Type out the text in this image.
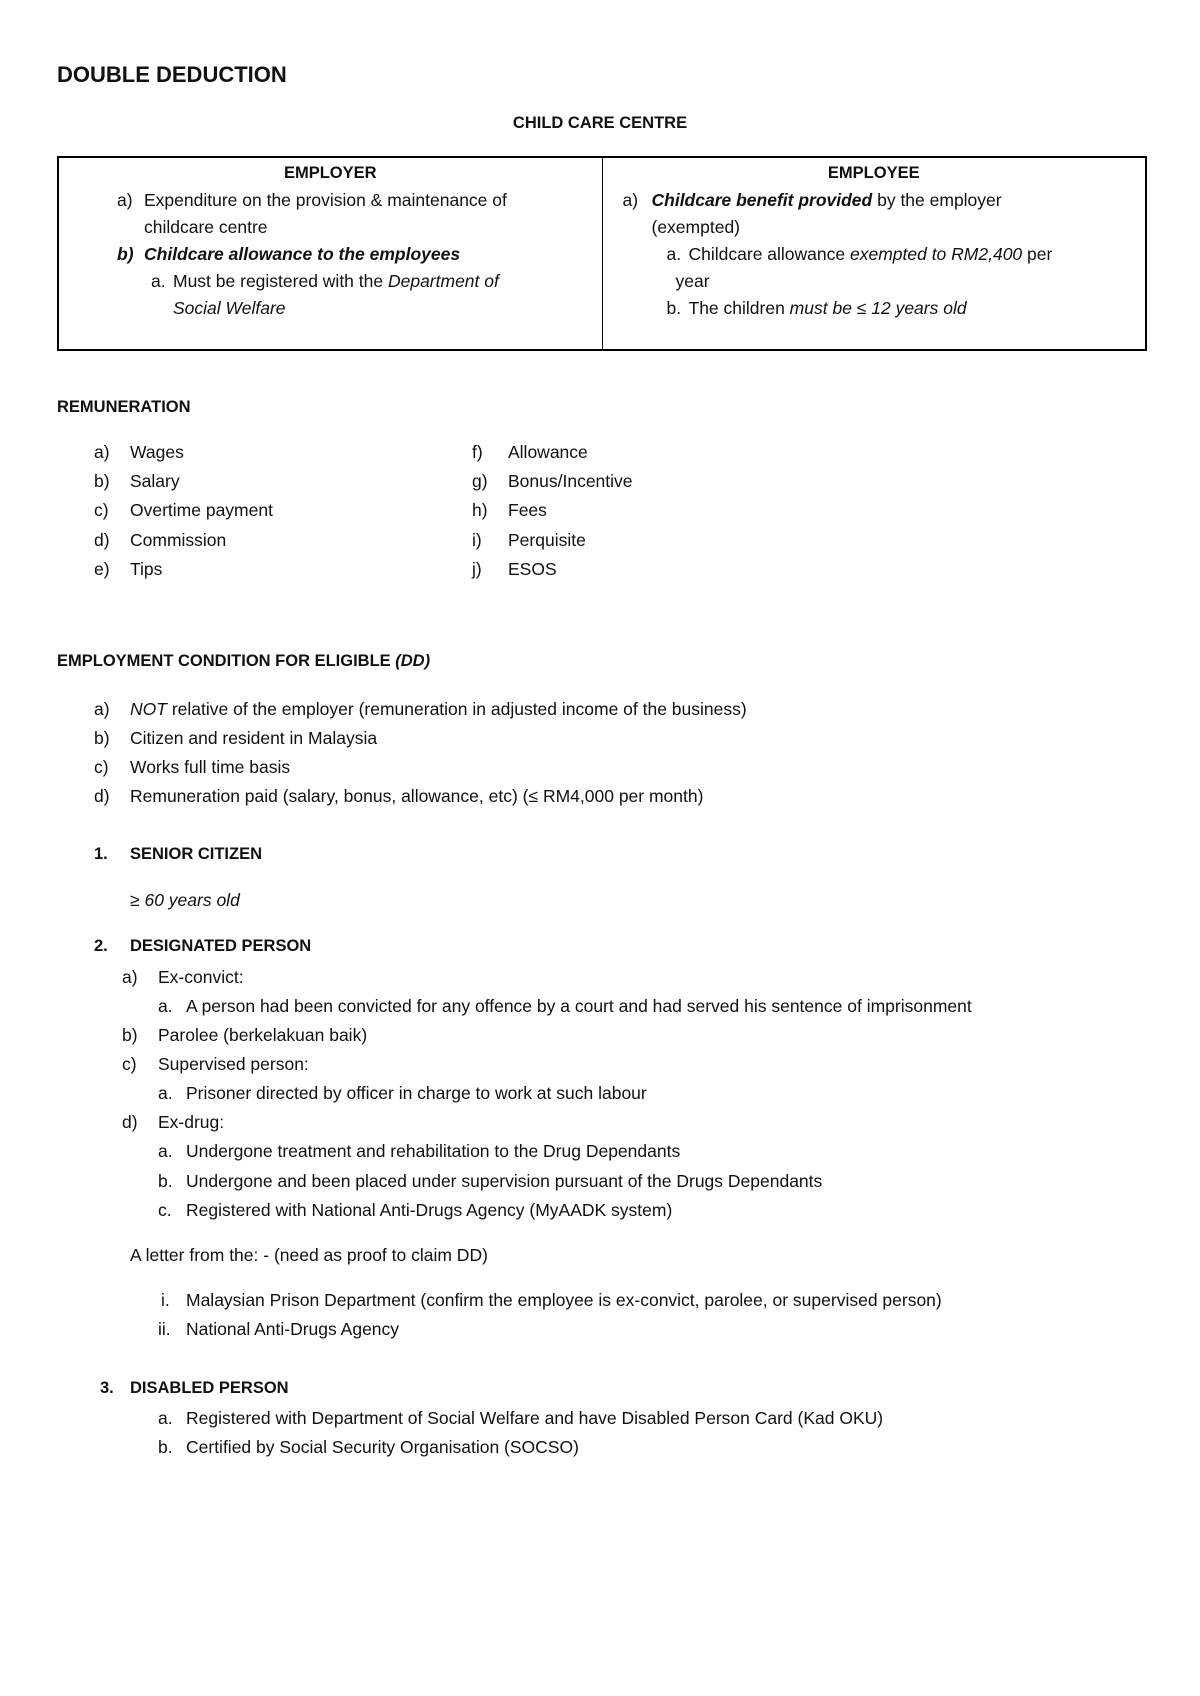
DOUBLE DEDUCTION
CHILD CARE CENTRE
EMPLOYER
a) Expenditure on the provision & maintenance of
childcare centre
b) Childcare allowance to the employees
a. Must be registered with the Department of
Social Welfare

EMPLOYEE
a) Childcare benefit provided by the employer
(exempted)
a. Childcare allowance exempted to RM2,400 per
year
b. The children must be ≤ 12 years old
REMUNERATION
a) Wages
b) Salary
c) Overtime payment
d) Commission
e) Tips
f) Allowance
g) Bonus/Incentive
h) Fees
i) Perquisite
j) ESOS
EMPLOYMENT CONDITION FOR ELIGIBLE (DD)
a) NOT relative of the employer (remuneration in adjusted income of the business)
b) Citizen and resident in Malaysia
c) Works full time basis
d) Remuneration paid (salary, bonus, allowance, etc) (≤ RM4,000 per month)
1. SENIOR CITIZEN
≥ 60 years old
2. DESIGNATED PERSON
a) Ex-convict:
a. A person had been convicted for any offence by a court and had served his sentence of imprisonment
b) Parolee (berkelakuan baik)
c) Supervised person:
a. Prisoner directed by officer in charge to work at such labour
d) Ex-drug:
a. Undergone treatment and rehabilitation to the Drug Dependants
b. Undergone and been placed under supervision pursuant of the Drugs Dependants
c. Registered with National Anti-Drugs Agency (MyAADK system)
A letter from the: - (need as proof to claim DD)
i. Malaysian Prison Department (confirm the employee is ex-convict, parolee, or supervised person)
ii. National Anti-Drugs Agency
3. DISABLED PERSON
a. Registered with Department of Social Welfare and have Disabled Person Card (Kad OKU)
b. Certified by Social Security Organisation (SOCSO)
